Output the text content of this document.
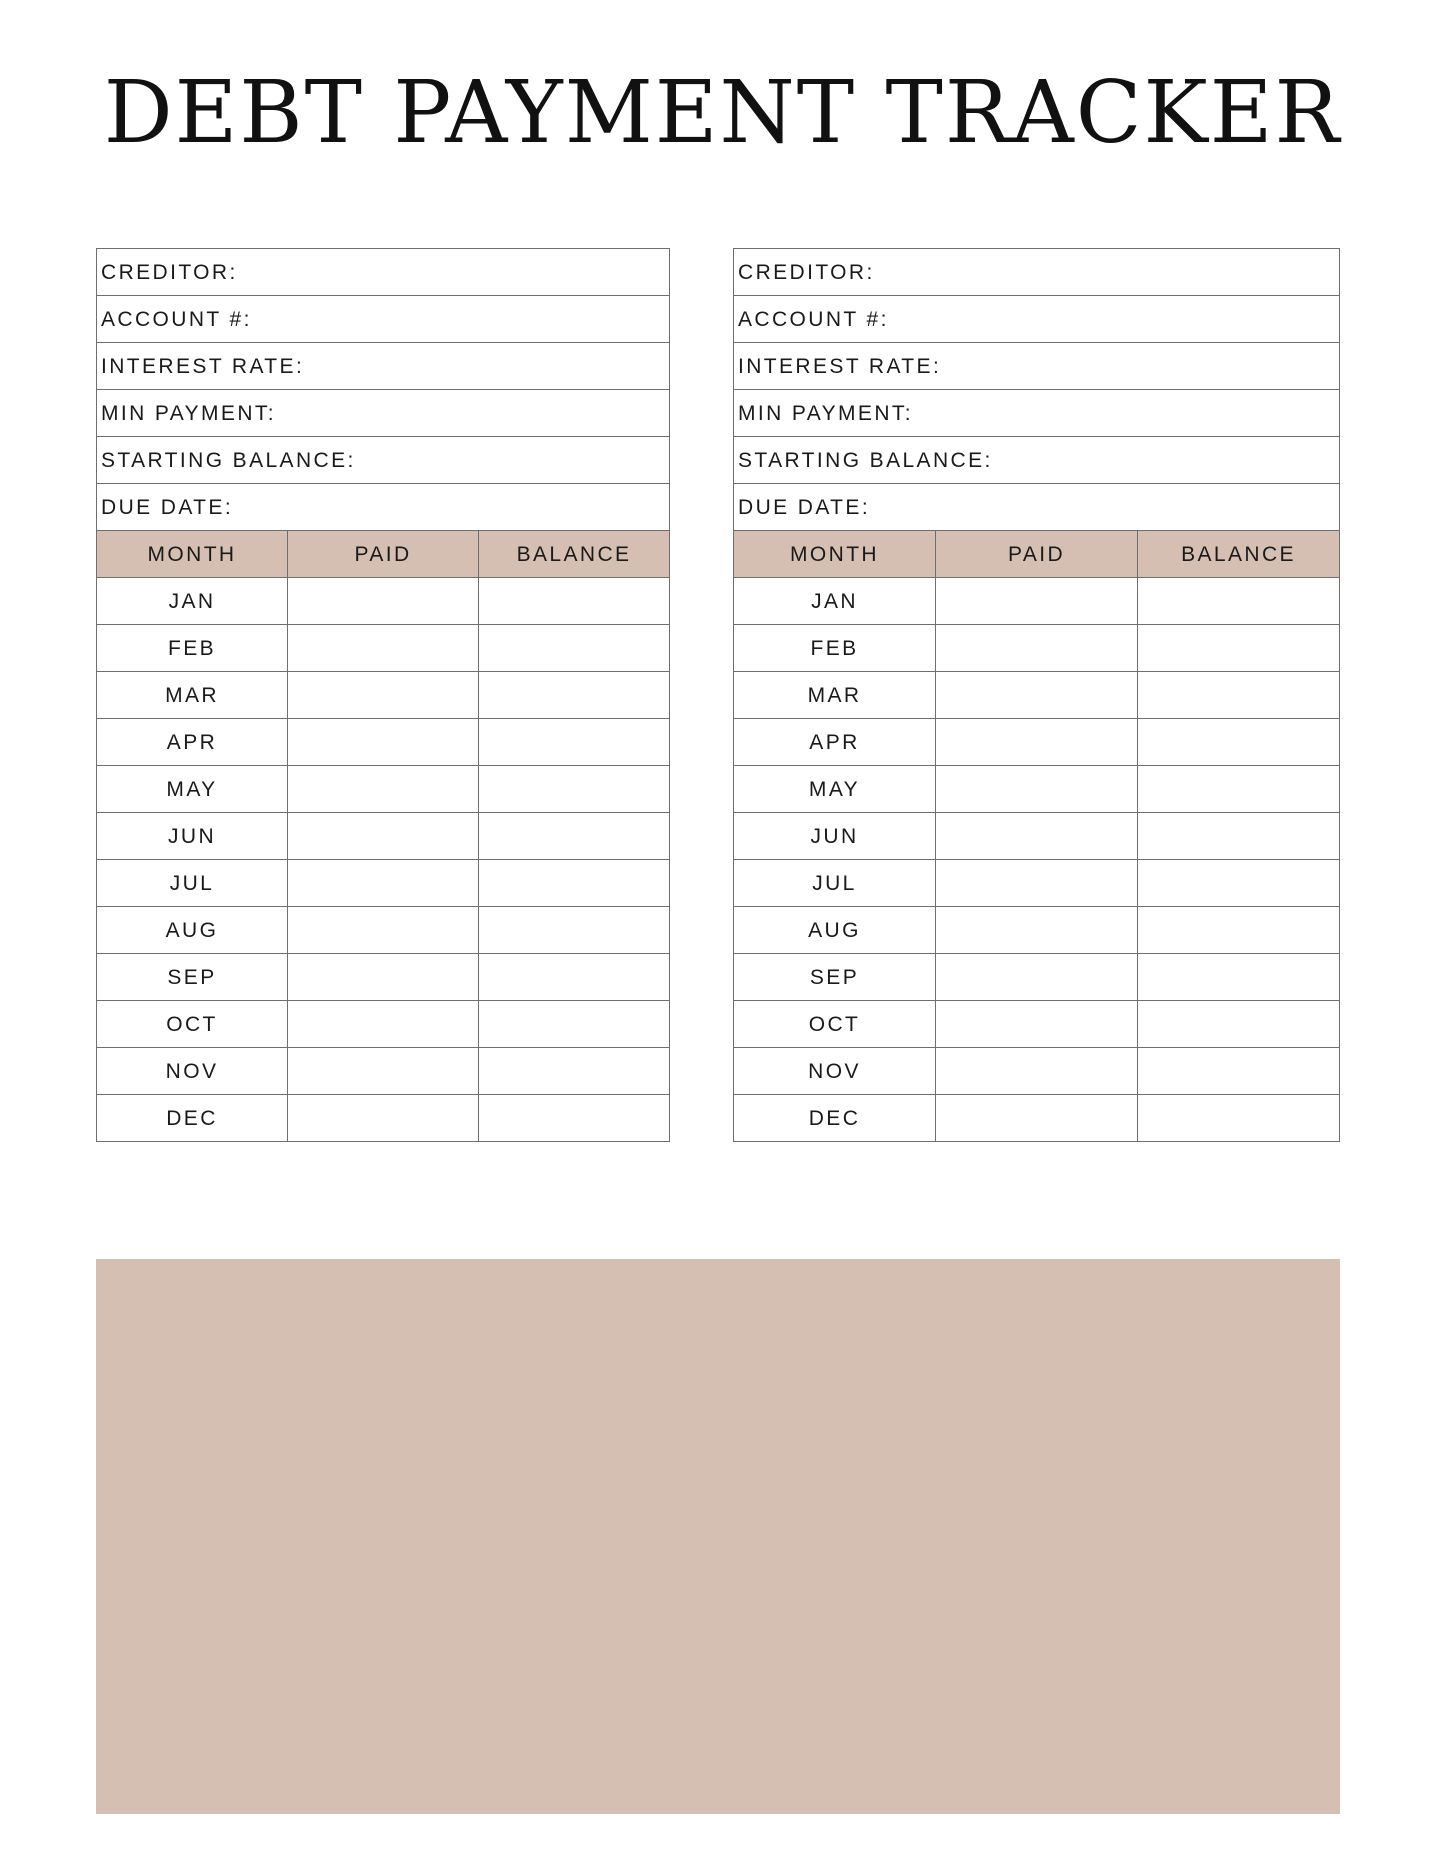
DEBT PAYMENT TRACKER
CREDITOR:		
ACCOUNT #:		
INTEREST RATE:		
MIN PAYMENT:		
STARTING BALANCE:		
DUE DATE:		
MONTH	PAID	BALANCE
JAN		
FEB		
MAR		
APR		
MAY		
JUN		
JUL		
AUG		
SEP		
OCT		
NOV		
DEC		
CREDITOR:		
ACCOUNT #:		
INTEREST RATE:		
MIN PAYMENT:		
STARTING BALANCE:		
DUE DATE:		
MONTH	PAID	BALANCE
JAN		
FEB		
MAR		
APR		
MAY		
JUN		
JUL		
AUG		
SEP		
OCT		
NOV		
DEC		
